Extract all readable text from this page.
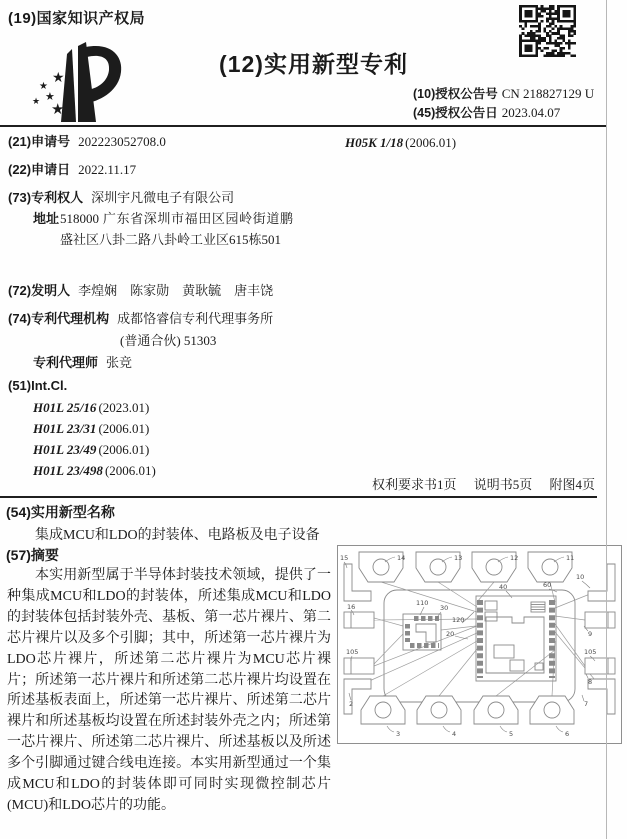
(19)国家知识产权局
★
★
★
★ ★
(12)实用新型专利
(10)授权公告号 CN 218827129 U
(45)授权公告日 2023.04.07
(21)申请号 202223052708.0
(22)申请日 2022.11.17
(73)专利权人 深圳宇凡微电子有限公司
地址 518000 广东省深圳市福田区园岭街道鹏盛社区八卦二路八卦岭工业区615栋501
(72)发明人 李煌娴　陈家勋　黄耿毓　唐丰饶
(74)专利代理机构 成都恪睿信专利代理事务所
(普通合伙) 51303
专利代理师 张竞
(51)Int.Cl.
H01L 25/16 (2023.01)
H01L 23/31 (2006.01)
H01L 23/49 (2006.01)
H01L 23/498 (2006.01)
H05K 1/18 (2006.01)
权利要求书1页 说明书5页 附图4页
(54)实用新型名称
集成MCU和LDO的封装体、电路板及电子设备
(57)摘要
本实用新型属于半导体封装技术领域，提供了一种集成MCU和LDO的封装体，所述集成MCU和LDO的封装体包括封装外壳、基板、第一芯片裸片、第二芯片裸片以及多个引脚；其中，所述第一芯片裸片为LDO芯片裸片，所述第二芯片裸片为MCU芯片裸片；所述第一芯片裸片和所述第二芯片裸片均设置在所述基板表面上，所述第一芯片裸片、所述第二芯片裸片和所述基板均设置在所述封装外壳之内；所述第一芯片裸片、所述第二芯片裸片、所述基板以及所述多个引脚通过键合线电连接。本实用新型通过一个集成MCU和LDO的封装体即可同时实现微控制芯片(MCU)和LDO芯片的功能。
14	13	12	11
3	4	5	6
15
16
105
2
10
9
105
8
7
110
30
120
20
40	60
